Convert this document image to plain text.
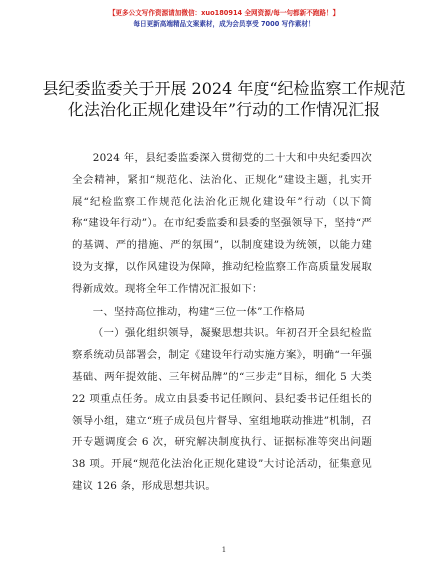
【更多公文写作资源请加微信：xuo180914 全网资源/每一句都新不跑路！】
每日更新高端精品文案素材，成为会员享受 7000 写作素材！
县纪委监委关于开展 2024 年度“纪检监察工作规范化法治化正规化建设年”行动的工作情况汇报

2024 年，县纪委监委深入贯彻党的二十大和中央纪委四次全会精神，紧扣“规范化、法治化、正规化”建设主题，扎实开展“纪检监察工作规范化法治化正规化建设年”行动（以下简称“建设年行动”）。在市纪委监委和县委的坚强领导下，坚持“严的基调、严的措施、严的氛围”，以制度建设为统领，以能力建设为支撑，以作风建设为保障，推动纪检监察工作高质量发展取得新成效。现将全年工作情况汇报如下：

一、坚持高位推动，构建“三位一体”工作格局

（一）强化组织领导，凝聚思想共识。年初召开全县纪检监察系统动员部署会，制定《建设年行动实施方案》，明确“一年强基础、两年提效能、三年树品牌”的“三步走”目标，细化 5 大类 22 项重点任务。成立由县委书记任顾问、县纪委书记任组长的领导小组，建立“班子成员包片督导、室组地联动推进”机制，召开专题调度会 6 次，研究解决制度执行、证据标准等突出问题 38 项。开展“规范化法治化正规化建设”大讨论活动，征集意见建议 126 条，形成思想共识。

1
